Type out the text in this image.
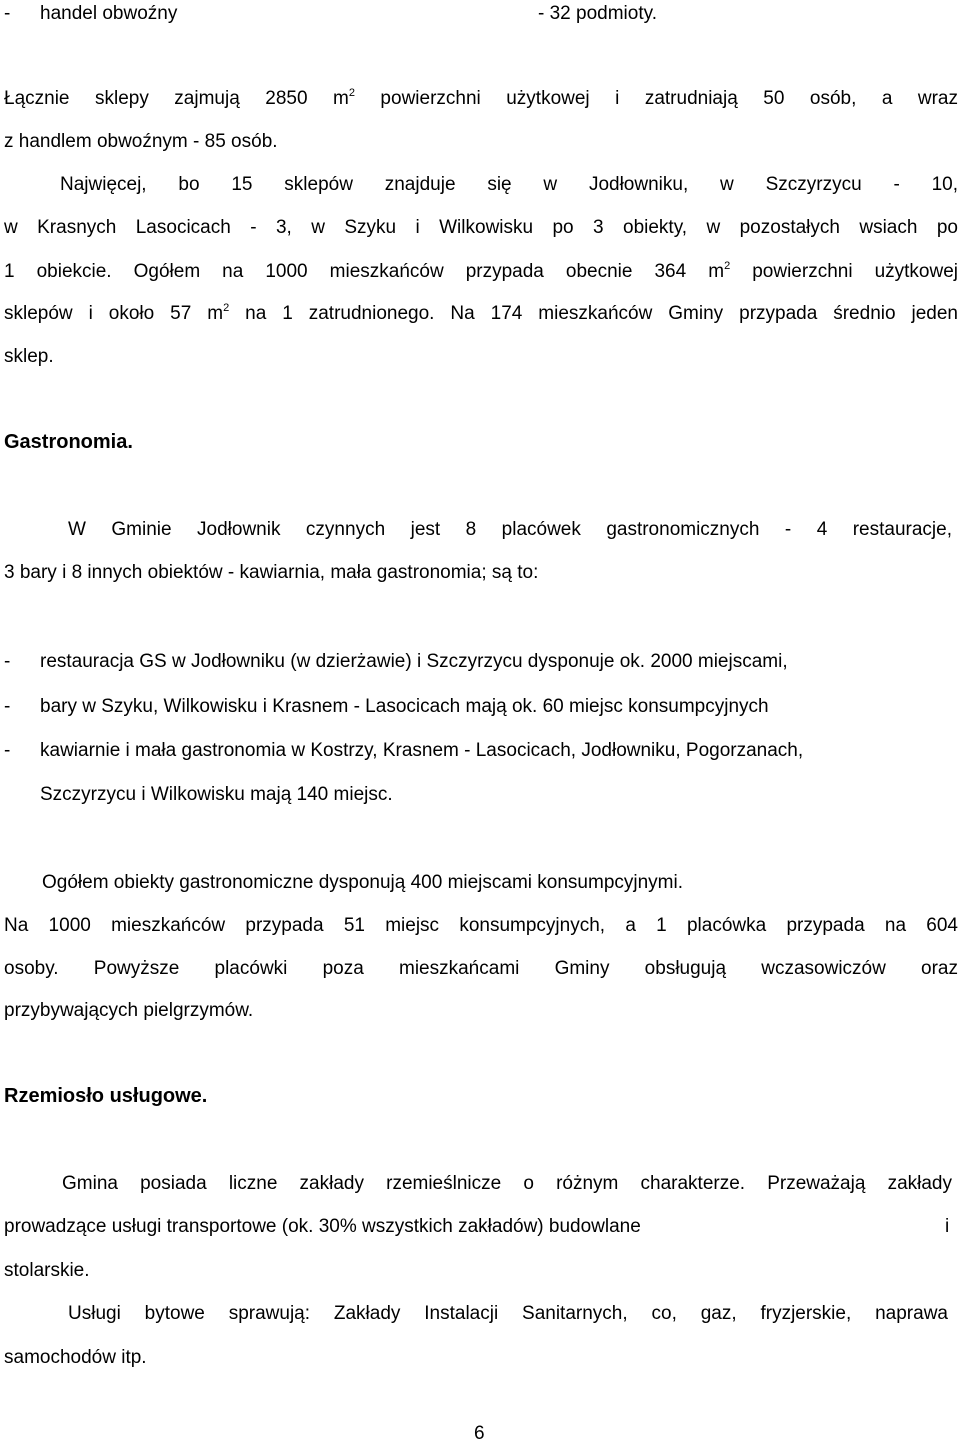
- handel obwoźny	- 32 podmioty.
Łącznie sklepy zajmują 2850 $m^2$ powierzchni użytkowej i zatrudniają 50 osób, a wraz
z handlem obwoźnym - 85 osób.
Najwięcej, bo 15 sklepów znajduje się w Jodłowniku, w Szczyrzycu - 10,
w Krasnych Lasocicach - 3, w Szyku i Wilkowisku po 3 obiekty, w pozostałych wsiach po
1 obiekcie. Ogółem na 1000 mieszkańców przypada obecnie 364 $m^2$ powierzchni użytkowej
sklepów i około 57 $m^2$ na 1 zatrudnionego. Na 174 mieszkańców Gminy przypada średnio jeden
sklep.
Gastronomia.
W Gminie Jodłownik czynnych jest 8 placówek gastronomicznych - 4 restauracje,
3 bary i 8 innych obiektów - kawiarnia, mała gastronomia; są to:
- restauracja GS w Jodłowniku (w dzierżawie) i Szczyrzycu dysponuje ok. 2000 miejscami,
- bary w Szyku, Wilkowisku i Krasnem - Lasocicach mają ok. 60 miejsc konsumpcyjnych
- kawiarnie i mała gastronomia w Kostrzy, Krasnem - Lasocicach, Jodłowniku, Pogorzanach,
Szczyrzycu i Wilkowisku mają 140 miejsc.
Ogółem obiekty gastronomiczne dysponują 400 miejscami konsumpcyjnymi.
Na 1000 mieszkańców przypada 51 miejsc konsumpcyjnych, a 1 placówka przypada na 604
osoby. Powyższe placówki poza mieszkańcami Gminy obsługują wczasowiczów oraz
przybywających pielgrzymów.
Rzemiosło usługowe.
Gmina posiada liczne zakłady rzemieślnicze o różnym charakterze. Przeważają zakłady
prowadzące usługi transportowe (ok. 30% wszystkich zakładów) budowlane	i
stolarskie.
Usługi bytowe sprawują: Zakłady Instalacji Sanitarnych, co, gaz, fryzjerskie, naprawa
samochodów itp.
6
